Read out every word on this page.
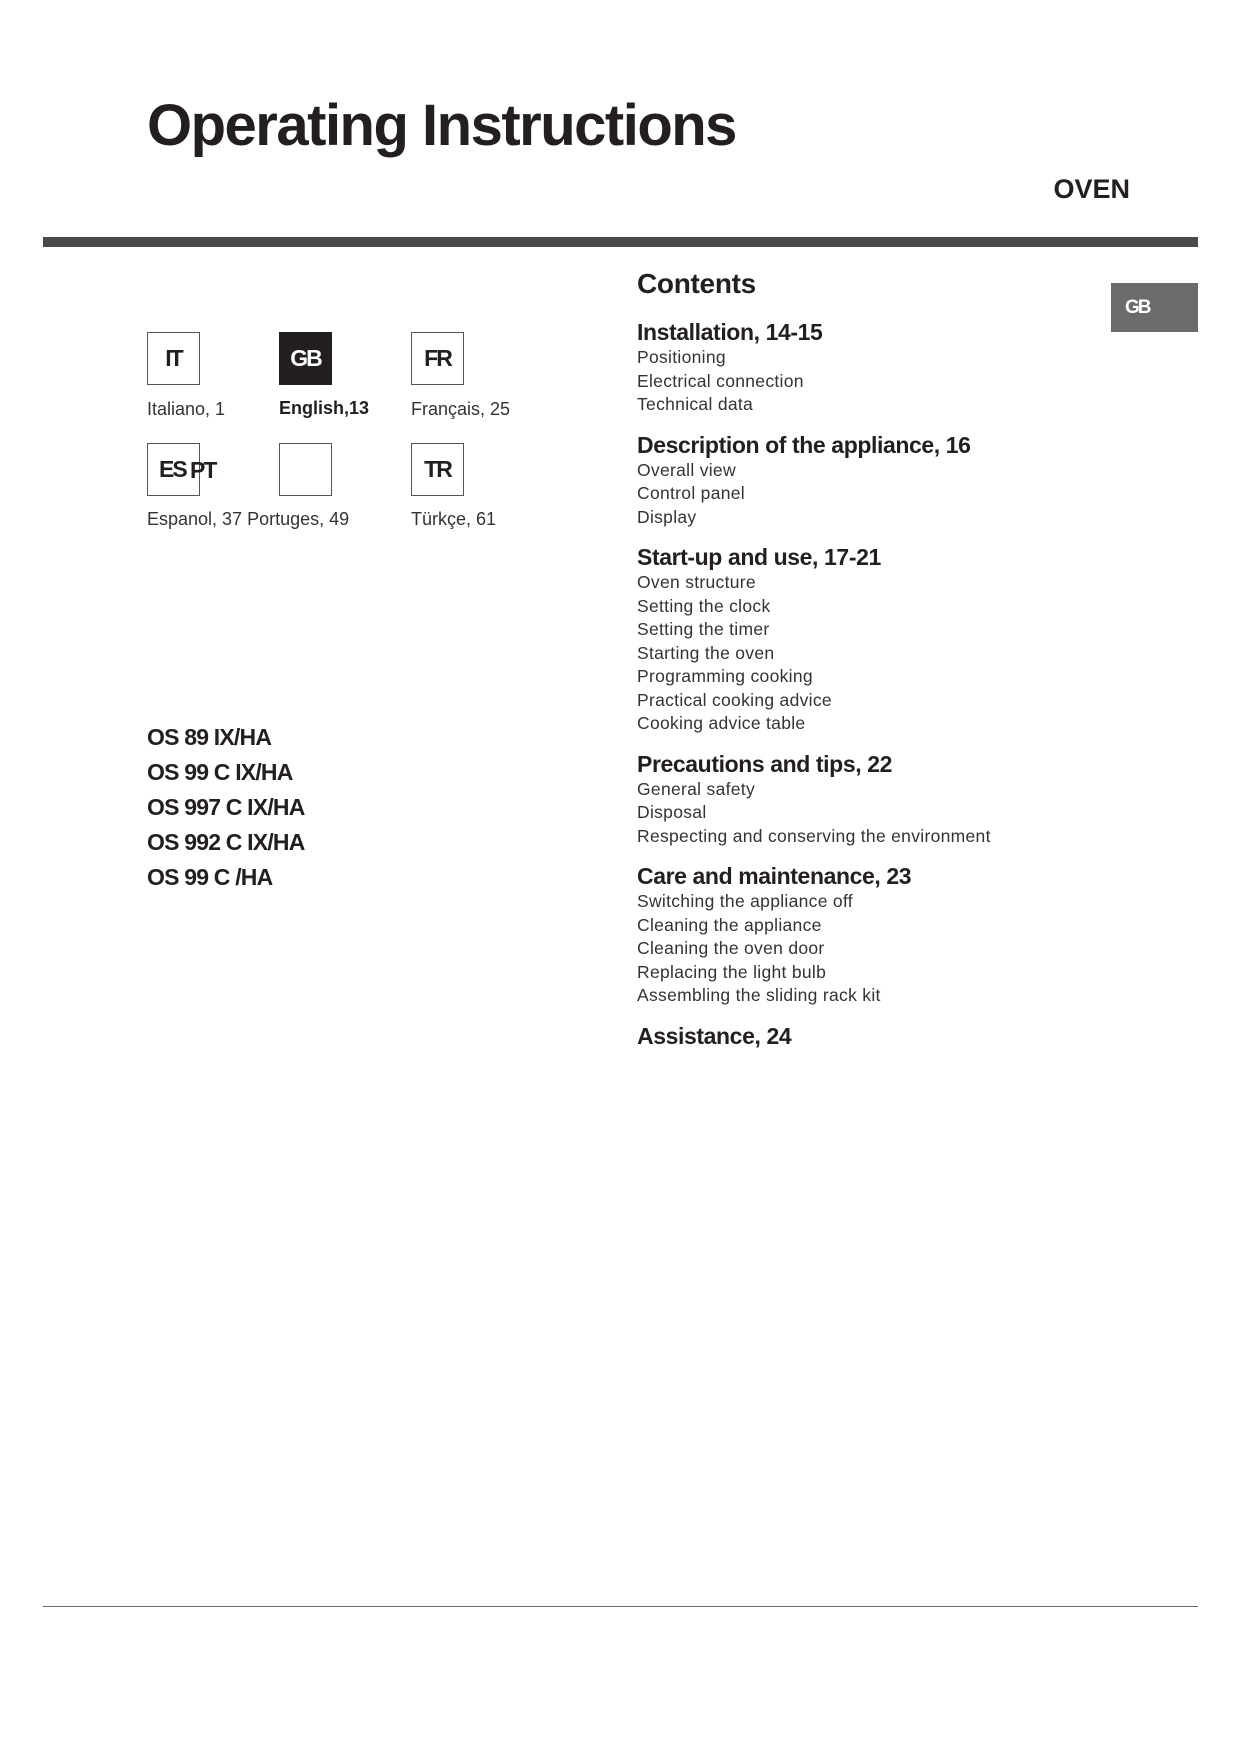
Operating Instructions
OVEN
IT
Italiano, 1
GB
English,13
FR
Français, 25
ES PT
Espanol, 37 Portuges, 49
TR
Türkçe, 61
OS 89 IX/HA
OS 99 C IX/HA
OS 997 C IX/HA
OS 992 C IX/HA
OS 99 C /HA
GB
Contents
Installation, 14-15
Positioning
Electrical connection
Technical data
Description of the appliance, 16
Overall view
Control panel
Display
Start-up and use, 17-21
Oven structure
Setting the clock
Setting the timer
Starting the oven
Programming cooking
Practical cooking advice
Cooking advice table
Precautions and tips, 22
General safety
Disposal
Respecting and conserving the environment
Care and maintenance, 23
Switching the appliance off
Cleaning the appliance
Cleaning the oven door
Replacing the light bulb
Assembling the sliding rack kit
Assistance, 24
